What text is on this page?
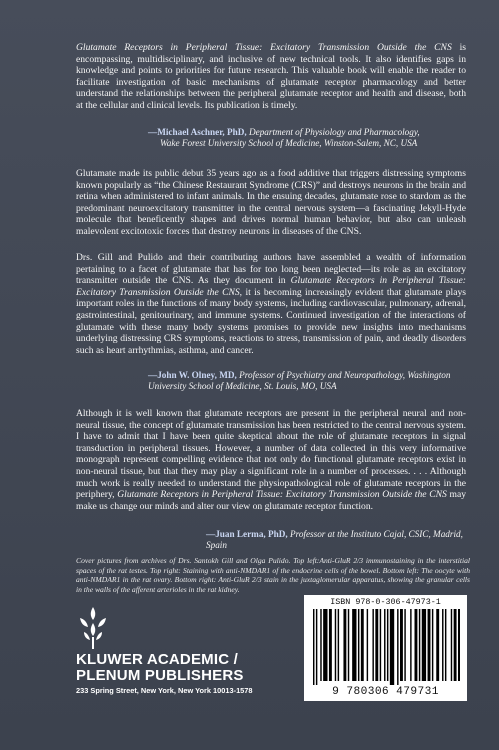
Glutamate Receptors in Peripheral Tissue: Excitatory Transmission Outside the CNS is encompassing, multidisciplinary, and inclusive of new technical tools. It also identifies gaps in knowledge and points to priorities for future research. This valuable book will enable the reader to facilitate investigation of basic mechanisms of glutamate receptor pharmacology and better understand the relationships between the peripheral glutamate receptor and health and disease, both at the cellular and clinical levels. Its publication is timely.
—Michael Aschner, PhD, Department of Physiology and Pharmacology,
Wake Forest University School of Medicine, Winston-Salem, NC, USA
Glutamate made its public debut 35 years ago as a food additive that triggers distressing symptoms known popularly as “the Chinese Restaurant Syndrome (CRS)” and destroys neurons in the brain and retina when administered to infant animals. In the ensuing decades, glutamate rose to stardom as the predominant neuroexcitatory transmitter in the central nervous system—a fascinating Jekyll-Hyde molecule that beneficently shapes and drives normal human behavior, but also can unleash malevolent excitotoxic forces that destroy neurons in diseases of the CNS.
Drs. Gill and Pulido and their contributing authors have assembled a wealth of information pertaining to a facet of glutamate that has for too long been neglected—its role as an excitatory transmitter outside the CNS. As they document in Glutamate Receptors in Peripheral Tissue: Excitatory Transmission Outside the CNS, it is becoming increasingly evident that glutamate plays important roles in the functions of many body systems, including cardiovascular, pulmonary, adrenal, gastrointestinal, genitourinary, and immune systems. Continued investigation of the interactions of glutamate with these many body systems promises to provide new insights into mechanisms underlying distressing CRS symptoms, reactions to stress, transmission of pain, and deadly disorders such as heart arrhythmias, asthma, and cancer.
—John W. Olney, MD, Professor of Psychiatry and Neuropathology, Washington University School of Medicine, St. Louis, MO, USA
Although it is well known that glutamate receptors are present in the peripheral neural and non-neural tissue, the concept of glutamate transmission has been restricted to the central nervous system. I have to admit that I have been quite skeptical about the role of glutamate receptors in signal transduction in peripheral tissues. However, a number of data collected in this very informative monograph represent compelling evidence that not only do functional glutamate receptors exist in non-neural tissue, but that they may play a significant role in a number of processes. . . . Although much work is really needed to understand the physiopathological role of glutamate receptors in the periphery, Glutamate Receptors in Peripheral Tissue: Excitatory Transmission Outside the CNS may make us change our minds and alter our view on glutamate receptor function.
—Juan Lerma, PhD, Professor at the Instituto Cajal, CSIC, Madrid, Spain
Cover pictures from archives of Drs. Santokh Gill and Olga Pulido. Top left:Anti-GluR 2/3 immunostaining in the interstitial spaces of the rat testes. Top right: Staining with anti-NMDAR1 of the endocrine cells of the bowel. Bottom left: The oocyte with anti-NMDAR1 in the rat ovary. Bottom right: Anti-GluR 2/3 stain in the juxtaglomerular apparatus, showing the granular cells in the walls of the afferent arterioles in the rat kidney.
KLUWER ACADEMIC /
PLENUM PUBLISHERS
233 Spring Street, New York, New York 10013-1578
ISBN 978-0-306-47973-1
9 780306 479731
